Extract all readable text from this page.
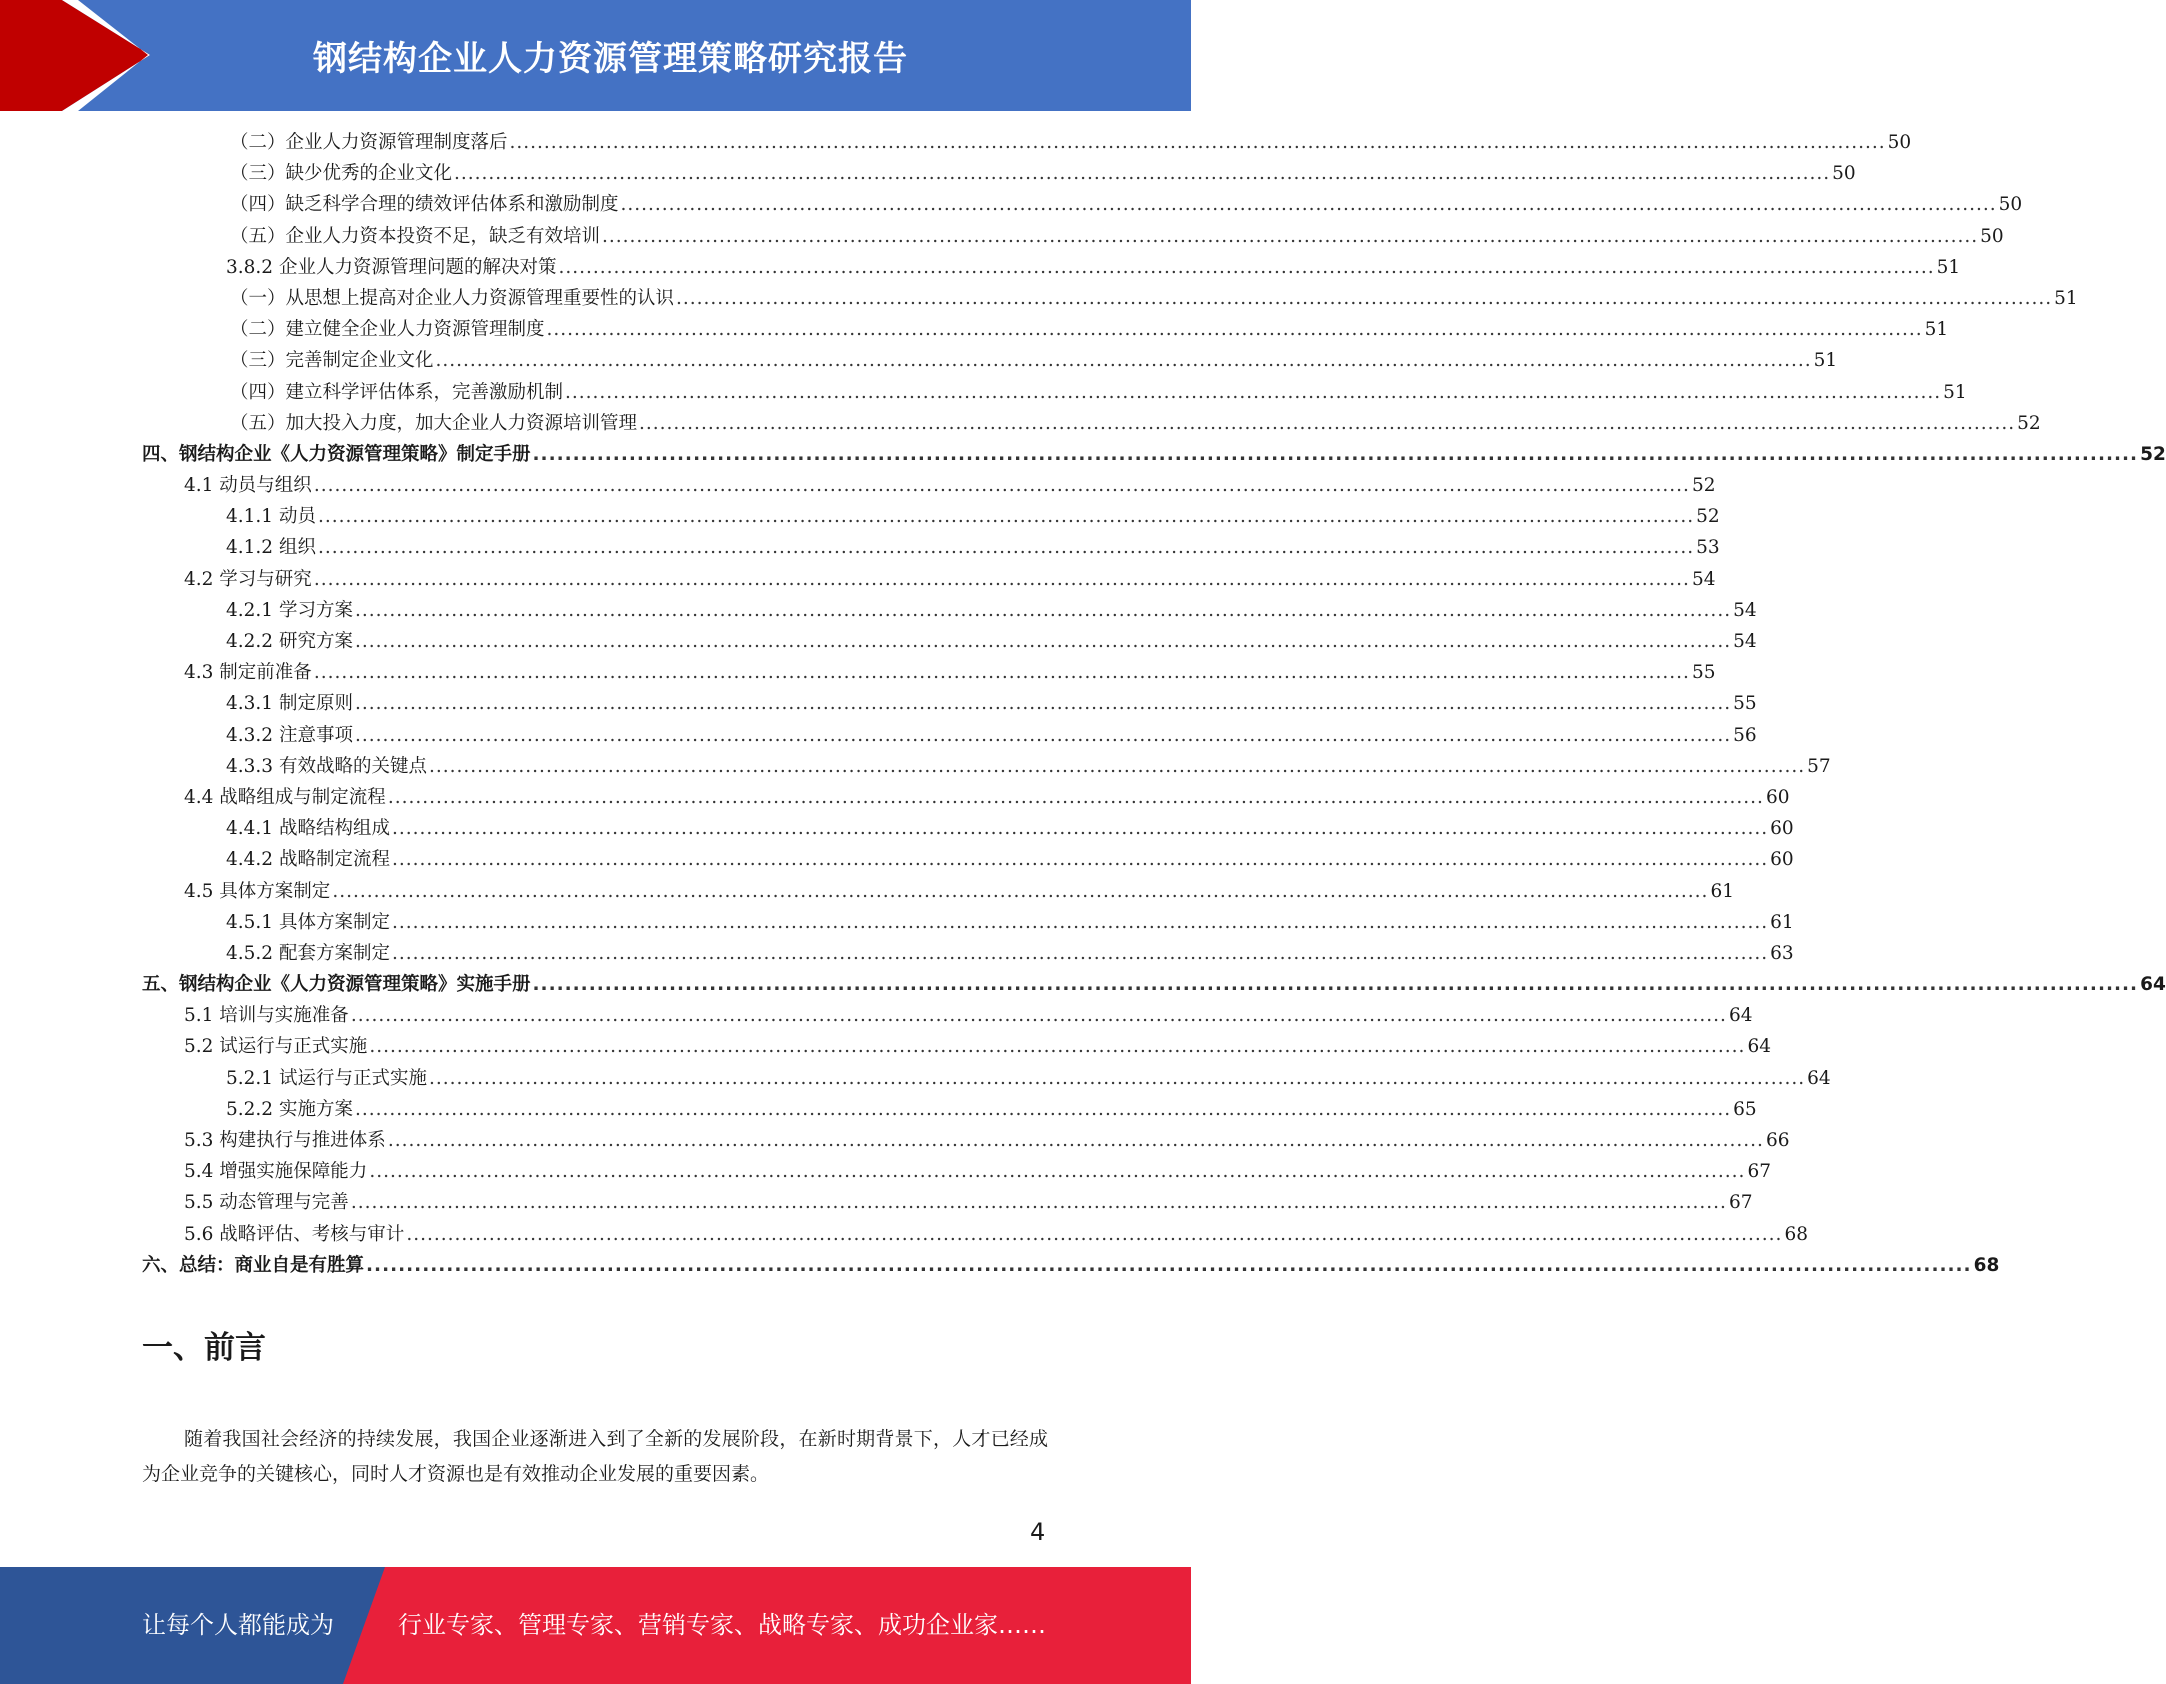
钢结构企业人力资源管理策略研究报告
（二）企业人力资源管理制度落后 ........................................................................................................................................................................................................ 50
（三）缺少优秀的企业文化 ........................................................................................................................................................................................................ 50
（四）缺乏科学合理的绩效评估体系和激励制度 ........................................................................................................................................................................................................ 50
（五）企业人力资本投资不足，缺乏有效培训 ........................................................................................................................................................................................................ 50
3.8.2 企业人力资源管理问题的解决对策 ........................................................................................................................................................................................................ 51
（一）从思想上提高对企业人力资源管理重要性的认识 ........................................................................................................................................................................................................ 51
（二）建立健全企业人力资源管理制度 ........................................................................................................................................................................................................ 51
（三）完善制定企业文化 ........................................................................................................................................................................................................ 51
（四）建立科学评估体系，完善激励机制 ........................................................................................................................................................................................................ 51
（五）加大投入力度，加大企业人力资源培训管理 ........................................................................................................................................................................................................ 52
四、钢结构企业《人力资源管理策略》制定手册 ........................................................................................................................................................................................................ 52
4.1 动员与组织 ........................................................................................................................................................................................................ 52
4.1.1 动员 ........................................................................................................................................................................................................ 52
4.1.2 组织 ........................................................................................................................................................................................................ 53
4.2 学习与研究 ........................................................................................................................................................................................................ 54
4.2.1 学习方案 ........................................................................................................................................................................................................ 54
4.2.2 研究方案 ........................................................................................................................................................................................................ 54
4.3 制定前准备 ........................................................................................................................................................................................................ 55
4.3.1 制定原则 ........................................................................................................................................................................................................ 55
4.3.2 注意事项 ........................................................................................................................................................................................................ 56
4.3.3 有效战略的关键点 ........................................................................................................................................................................................................ 57
4.4 战略组成与制定流程 ........................................................................................................................................................................................................ 60
4.4.1 战略结构组成 ........................................................................................................................................................................................................ 60
4.4.2 战略制定流程 ........................................................................................................................................................................................................ 60
4.5 具体方案制定 ........................................................................................................................................................................................................ 61
4.5.1 具体方案制定 ........................................................................................................................................................................................................ 61
4.5.2 配套方案制定 ........................................................................................................................................................................................................ 63
五、钢结构企业《人力资源管理策略》实施手册 ........................................................................................................................................................................................................ 64
5.1 培训与实施准备 ........................................................................................................................................................................................................ 64
5.2 试运行与正式实施 ........................................................................................................................................................................................................ 64
5.2.1 试运行与正式实施 ........................................................................................................................................................................................................ 64
5.2.2 实施方案 ........................................................................................................................................................................................................ 65
5.3 构建执行与推进体系 ........................................................................................................................................................................................................ 66
5.4 增强实施保障能力 ........................................................................................................................................................................................................ 67
5.5 动态管理与完善 ........................................................................................................................................................................................................ 67
5.6 战略评估、考核与审计 ........................................................................................................................................................................................................ 68
六、总结：商业自是有胜算 ........................................................................................................................................................................................................ 68
一、前言

随着我国社会经济的持续发展，我国企业逐渐进入到了全新的发展阶段，在新时期背景下，人才已经成为企业竞争的关键核心，同时人才资源也是有效推动企业发展的重要因素。

4
让每个人都能成为	行业专家、管理专家、营销专家、战略专家、成功企业家……
